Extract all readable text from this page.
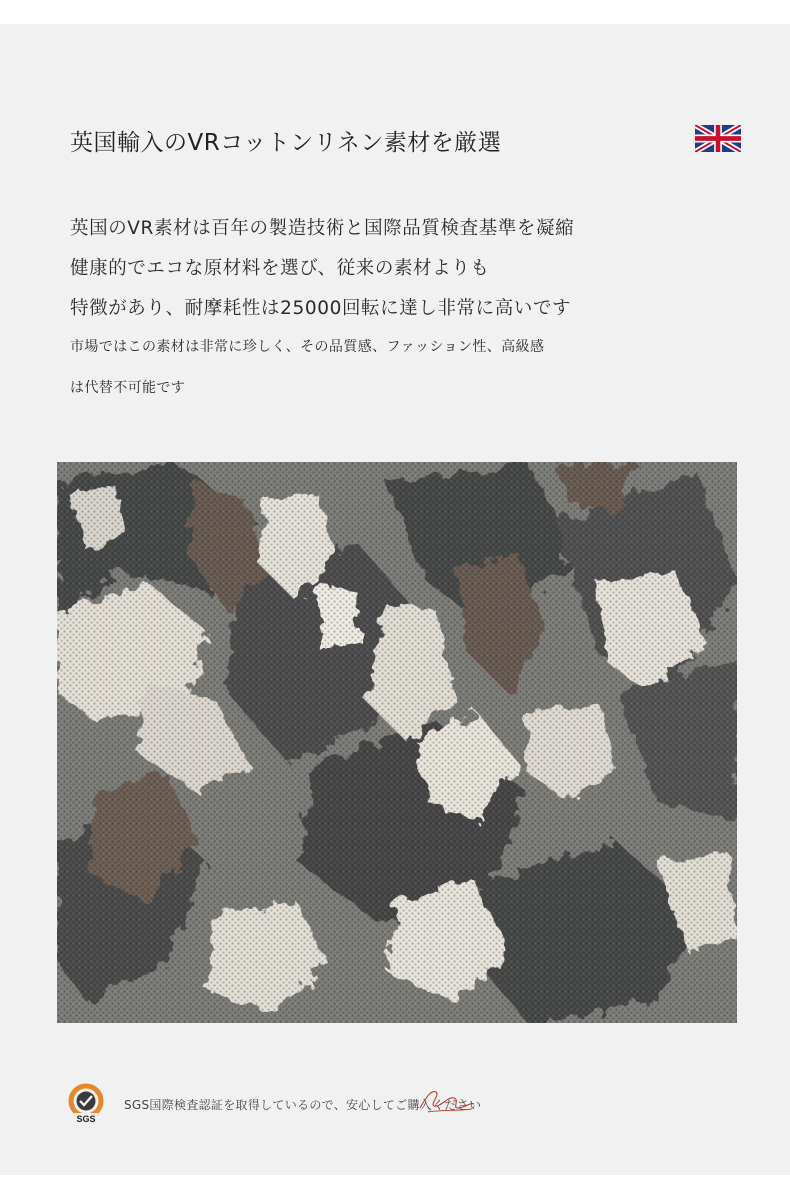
英国輸入のVRコットンリネン素材を厳選
英国のVR素材は百年の製造技術と国際品質検査基準を凝縮
健康的でエコな原材料を選び、従来の素材よりも
特徴があり、耐摩耗性は25000回転に達し非常に高いです
市場ではこの素材は非常に珍しく、その品質感、ファッション性、高級感
は代替不可能です
SGS
SGS国際検査認証を取得しているので、安心してご購入ください
